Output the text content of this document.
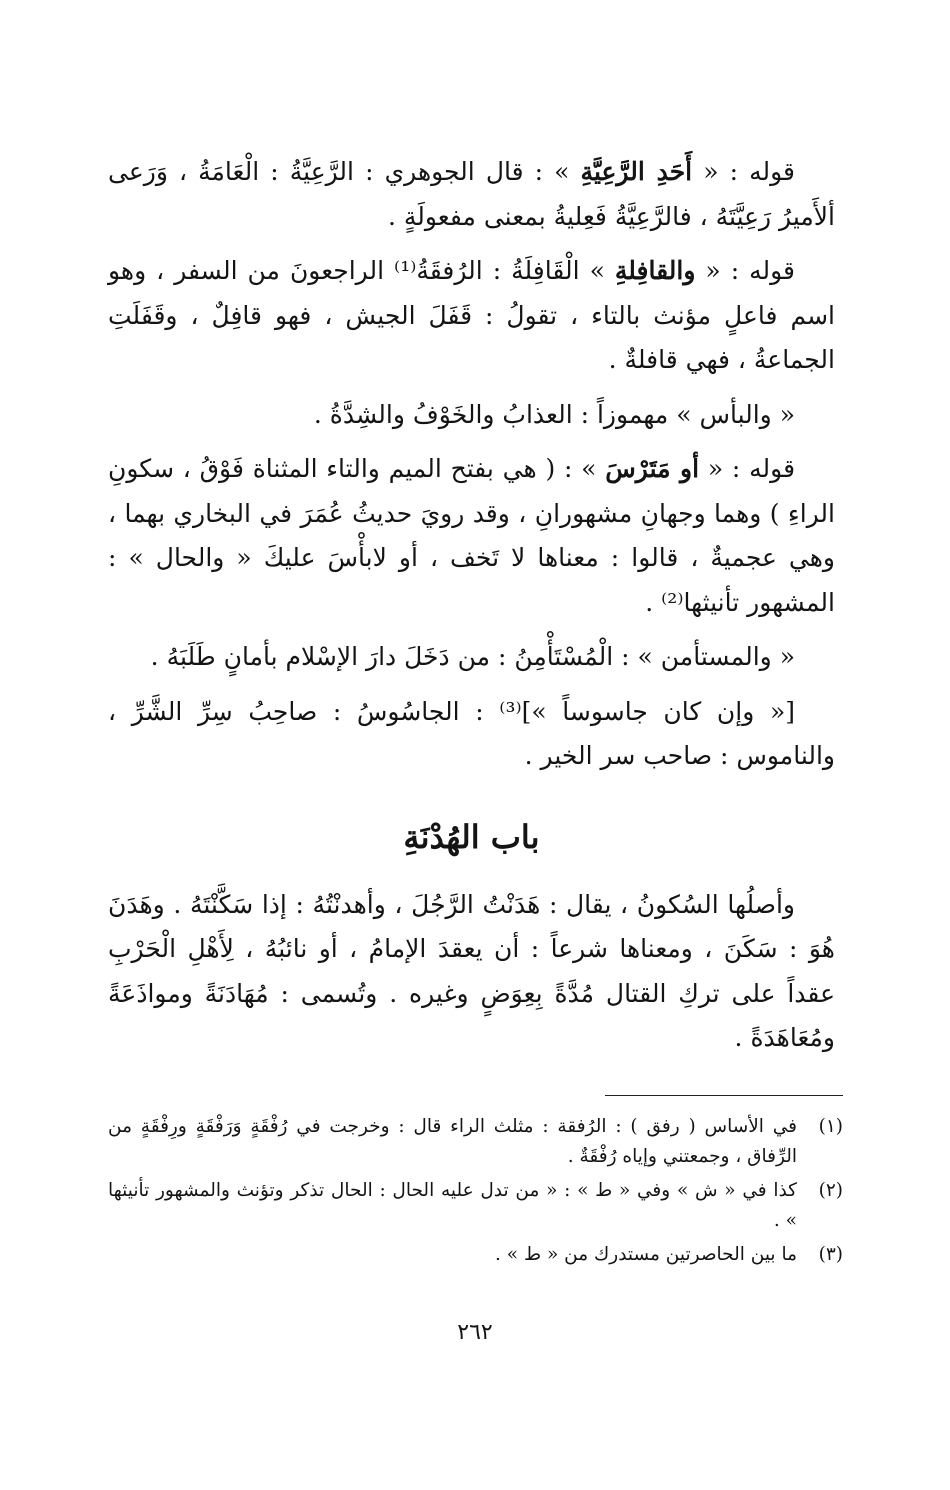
قوله : « أَحَدِ الرَّعِيَّةِ » : قال الجوهري : الرَّعِيَّةُ : الْعَامَةُ ، وَرَعى ألأَميرُ رَعِيَّتَهُ ، فالرَّعِيَّةُ فَعِليةُ بمعنى مفعولَةٍ .

قوله : « والقافِلةِ » الْقَافِلَةُ : الرُفقَةُ⁽¹⁾ الراجعونَ من السفر ، وهو اسم فاعلٍ مؤنث بالتاء ، تقولُ : قَفَلَ الجيش ، فهو قافِلٌ ، وقَفَلَتِ الجماعةُ ، فهي قافلةٌ .

« والبأس » مهموزاً : العذابُ والخَوْفُ والشِدَّةُ .

قوله : « أو مَتَرْسَ » : ( هي بفتح الميم والتاء المثناة فَوْقُ ، سكونِ الراءِ ) وهما وجهانِ مشهورانِ ، وقد رويَ حديثُ عُمَرَ في البخاري بهما ، وهي عجميةٌ ، قالوا : معناها لا تَخف ، أو لابأْسَ عليكَ « والحال » : المشهور تأنيثها⁽²⁾ .

« والمستأمن » : الْمُسْتَأْمِنُ : من دَخَلَ دارَ الإسْلام بأمانٍ طَلَبَهُ .

[« وإن كان جاسوساً »]⁽³⁾ : الجاسُوسُ : صاحِبُ سِرِّ الشَّرِّ ، والناموس : صاحب سر الخير .

باب الهُدْنَةِ

وأصلُها السُكونُ ، يقال : هَدَنْتُ الرَّجُلَ ، وأهدنْتُهُ : إذا سَكَّنْتَهُ . وهَدَنَ هُوَ : سَكَنَ ، ومعناها شرعاً : أن يعقدَ الإمامُ ، أو نائبُهُ ، لِأَهْلِ الْحَرْبِ عقداً على تركِ القتال مُدَّةً بِعِوَضٍ وغيره . وتُسمى : مُهَادَنَةً ومواذَعَةً ومُعَاهَدَةً .

(١)
في الأساس ( رفق ) : الرُفقة : مثلث الراء قال : وخرجت في رُفْقَةٍ وَرَفْقَةٍ ورِفْقَةٍ من الرِّفاق ، وجمعتني وإياه رُفْقَةٌ .
(٢)
كذا في « ش » وفي « ط » : « من تدل عليه الحال : الحال تذكر وتؤنث والمشهور تأنيثها » .
(٣)
ما بين الحاصرتين مستدرك من « ط » .
٢٦٢
